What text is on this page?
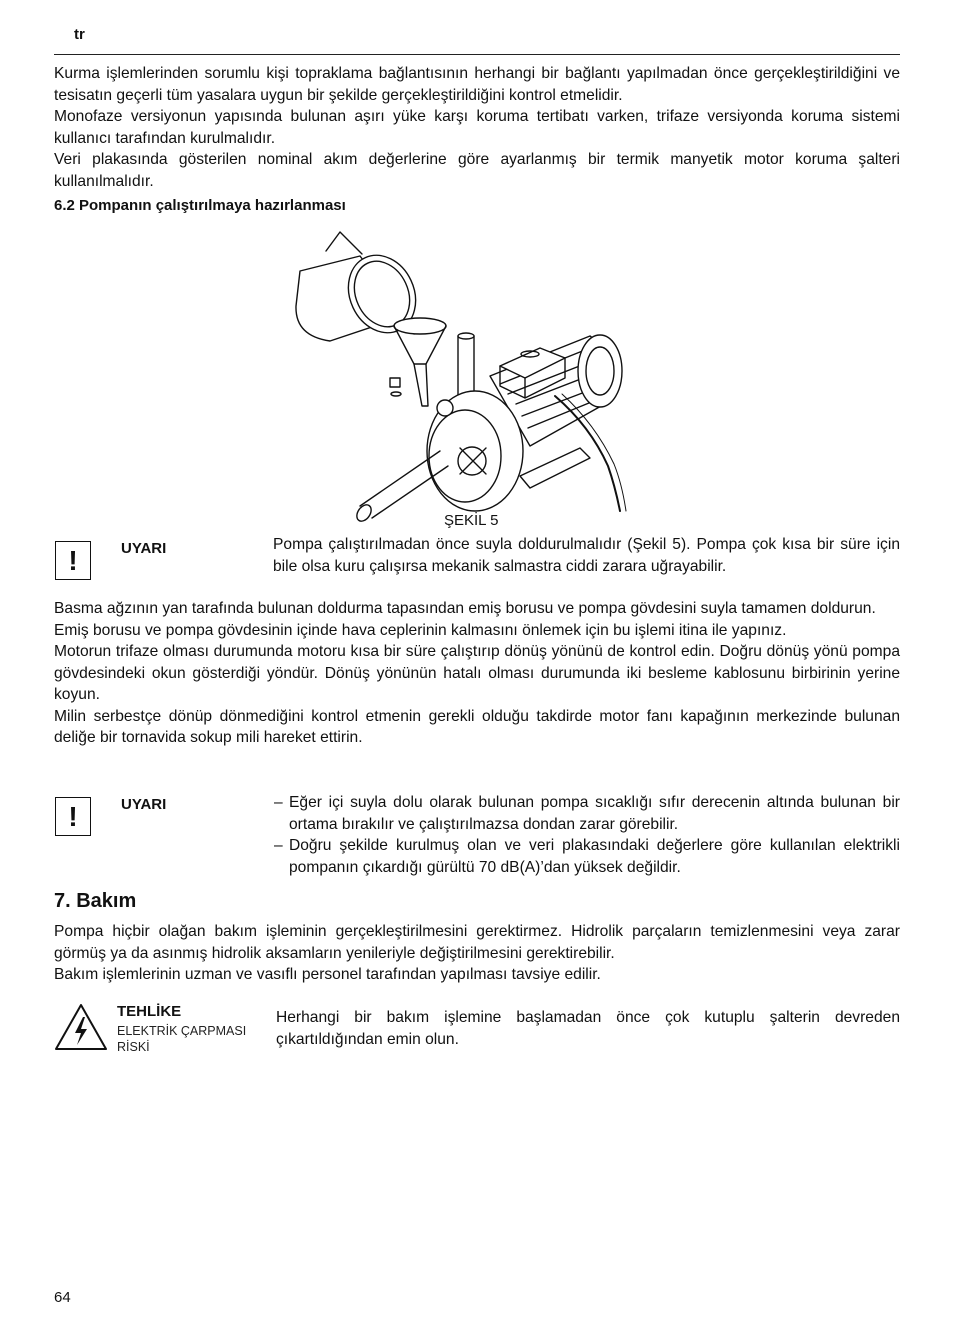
tr

Kurma işlemlerinden sorumlu kişi topraklama bağlantısının herhangi bir bağlantı yapılmadan önce gerçekleştirildiğini ve tesisatın geçerli tüm yasalara uygun bir şekilde gerçekleştirildiğini kontrol etmelidir.

Monofaze versiyonun yapısında bulunan aşırı yüke karşı koruma tertibatı varken, trifaze versiyonda koruma sistemi kullanıcı tarafından kurulmalıdır.

Veri plakasında gösterilen nominal akım değerlerine göre ayarlanmış bir termik manyetik motor koruma şalteri kullanılmalıdır.

6.2 Pompanın çalıştırılmaya hazırlanması
ŞEKİL 5
!	UYARI	Pompa çalıştırılmadan önce suyla doldurulmalıdır (Şekil 5). Pompa çok kısa bir süre için bile olsa kuru çalışırsa mekanik salmastra ciddi zarara uğrayabilir.

Basma ağzının yan tarafında bulunan doldurma tapasından emiş borusu ve pompa gövdesini suyla tamamen doldurun.

Emiş borusu ve pompa gövdesinin içinde hava ceplerinin kalmasını önlemek için bu işlemi itina ile yapınız.

Motorun trifaze olması durumunda motoru kısa bir süre çalıştırıp dönüş yönünü de kontrol edin. Doğru dönüş yönü pompa gövdesindeki okun gösterdiği yöndür. Dönüş yönünün hatalı olması durumunda iki besleme kablosunu birbirinin yerine koyun.

Milin serbestçe dönüp dönmediğini kontrol etmenin gerekli olduğu takdirde motor fanı kapağının merkezinde bulunan deliğe bir tornavida sokup mili hareket ettirin.

!	UYARI	– Eğer içi suyla dolu olarak bulunan pompa sıcaklığı sıfır derecenin altında bulunan bir ortama bırakılır ve çalıştırılmazsa dondan zarar görebilir.
– Doğru şekilde kurulmuş olan ve veri plakasındaki değerlere göre kullanılan elektrikli pompanın çıkardığı gürültü 70 dB(A)’dan yüksek değildir.
7. Bakım

Pompa hiçbir olağan bakım işleminin gerçekleştirilmesini gerektirmez. Hidrolik parçaların temizlenmesini veya zarar görmüş ya da asınmış hidrolik aksamların yenileriyle değiştirilmesini gerektirebilir.

Bakım işlemlerinin uzman ve vasıflı personel tarafından yapılması tavsiye edilir.

TEHLİKE
ELEKTRİK ÇARPMASI
RİSKİ

Herhangi bir bakım işlemine başlamadan önce çok kutuplu şalterin devreden çıkartıldığından emin olun.

64
